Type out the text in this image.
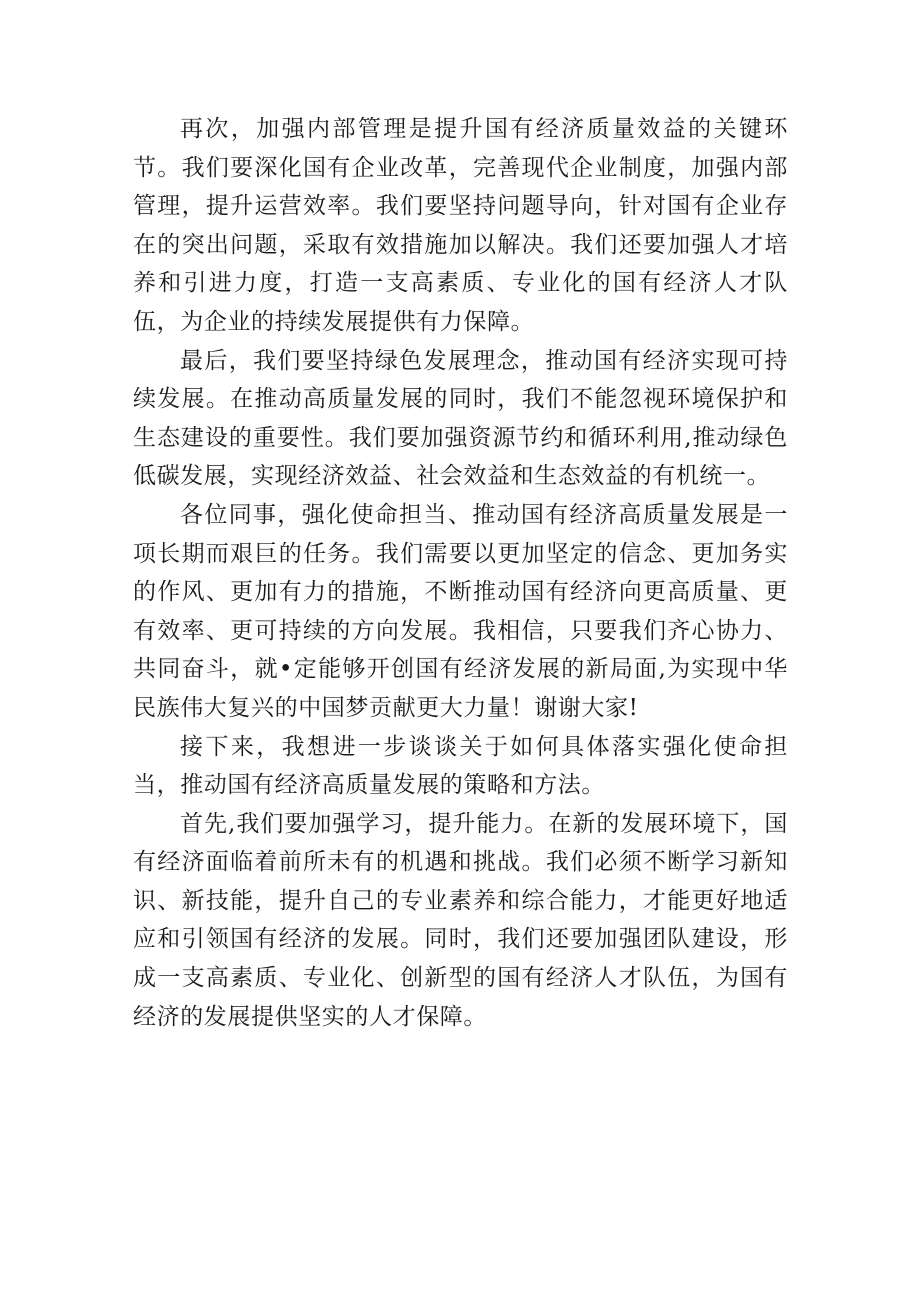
再次，加强内部管理是提升国有经济质量效益的关键环节。我们要深化国有企业改革，完善现代企业制度，加强内部管理，提升运营效率。我们要坚持问题导向，针对国有企业存在的突出问题，采取有效措施加以解决。我们还要加强人才培养和引进力度，打造一支高素质、专业化的国有经济人才队伍，为企业的持续发展提供有力保障。

最后，我们要坚持绿色发展理念，推动国有经济实现可持续发展。在推动高质量发展的同时，我们不能忽视环境保护和生态建设的重要性。我们要加强资源节约和循环利用,推动绿色低碳发展，实现经济效益、社会效益和生态效益的有机统一。

各位同事，强化使命担当、推动国有经济高质量发展是一项长期而艰巨的任务。我们需要以更加坚定的信念、更加务实的作风、更加有力的措施，不断推动国有经济向更高质量、更有效率、更可持续的方向发展。我相信，只要我们齐心协力、共同奋斗，就•定能够开创国有经济发展的新局面,为实现中华民族伟大复兴的中国梦贡献更大力量！谢谢大家!

接下来，我想进一步谈谈关于如何具体落实强化使命担当，推动国有经济高质量发展的策略和方法。

首先,我们要加强学习，提升能力。在新的发展环境下，国有经济面临着前所未有的机遇和挑战。我们必须不断学习新知识、新技能，提升自己的专业素养和综合能力，才能更好地适应和引领国有经济的发展。同时，我们还要加强团队建设，形成一支高素质、专业化、创新型的国有经济人才队伍，为国有经济的发展提供坚实的人才保障。
